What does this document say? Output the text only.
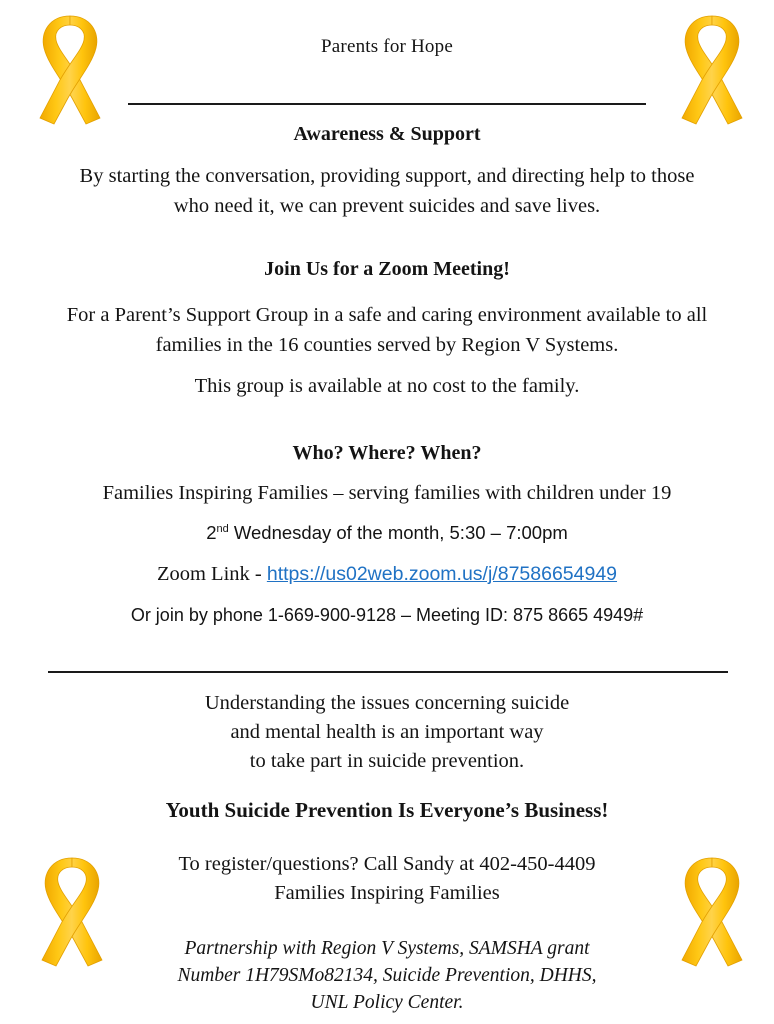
Parents for Hope
Awareness & Support
By starting the conversation, providing support, and directing help to those
who need it, we can prevent suicides and save lives.
Join Us for a Zoom Meeting!
For a Parent’s Support Group in a safe and caring environment available to all
families in the 16 counties served by Region V Systems.
This group is available at no cost to the family.
Who? Where? When?
Families Inspiring Families – serving families with children under 19
2nd Wednesday of the month, 5:30 – 7:00pm
Zoom Link - https://us02web.zoom.us/j/87586654949
Or join by phone 1-669-900-9128 – Meeting ID: 875 8665 4949#
Understanding the issues concerning suicide
and mental health is an important way
to take part in suicide prevention.
Youth Suicide Prevention Is Everyone’s Business!
To register/questions? Call Sandy at 402-450-4409
Families Inspiring Families
Partnership with Region V Systems, SAMSHA grant
Number 1H79SMo82134, Suicide Prevention, DHHS,
UNL Policy Center.
